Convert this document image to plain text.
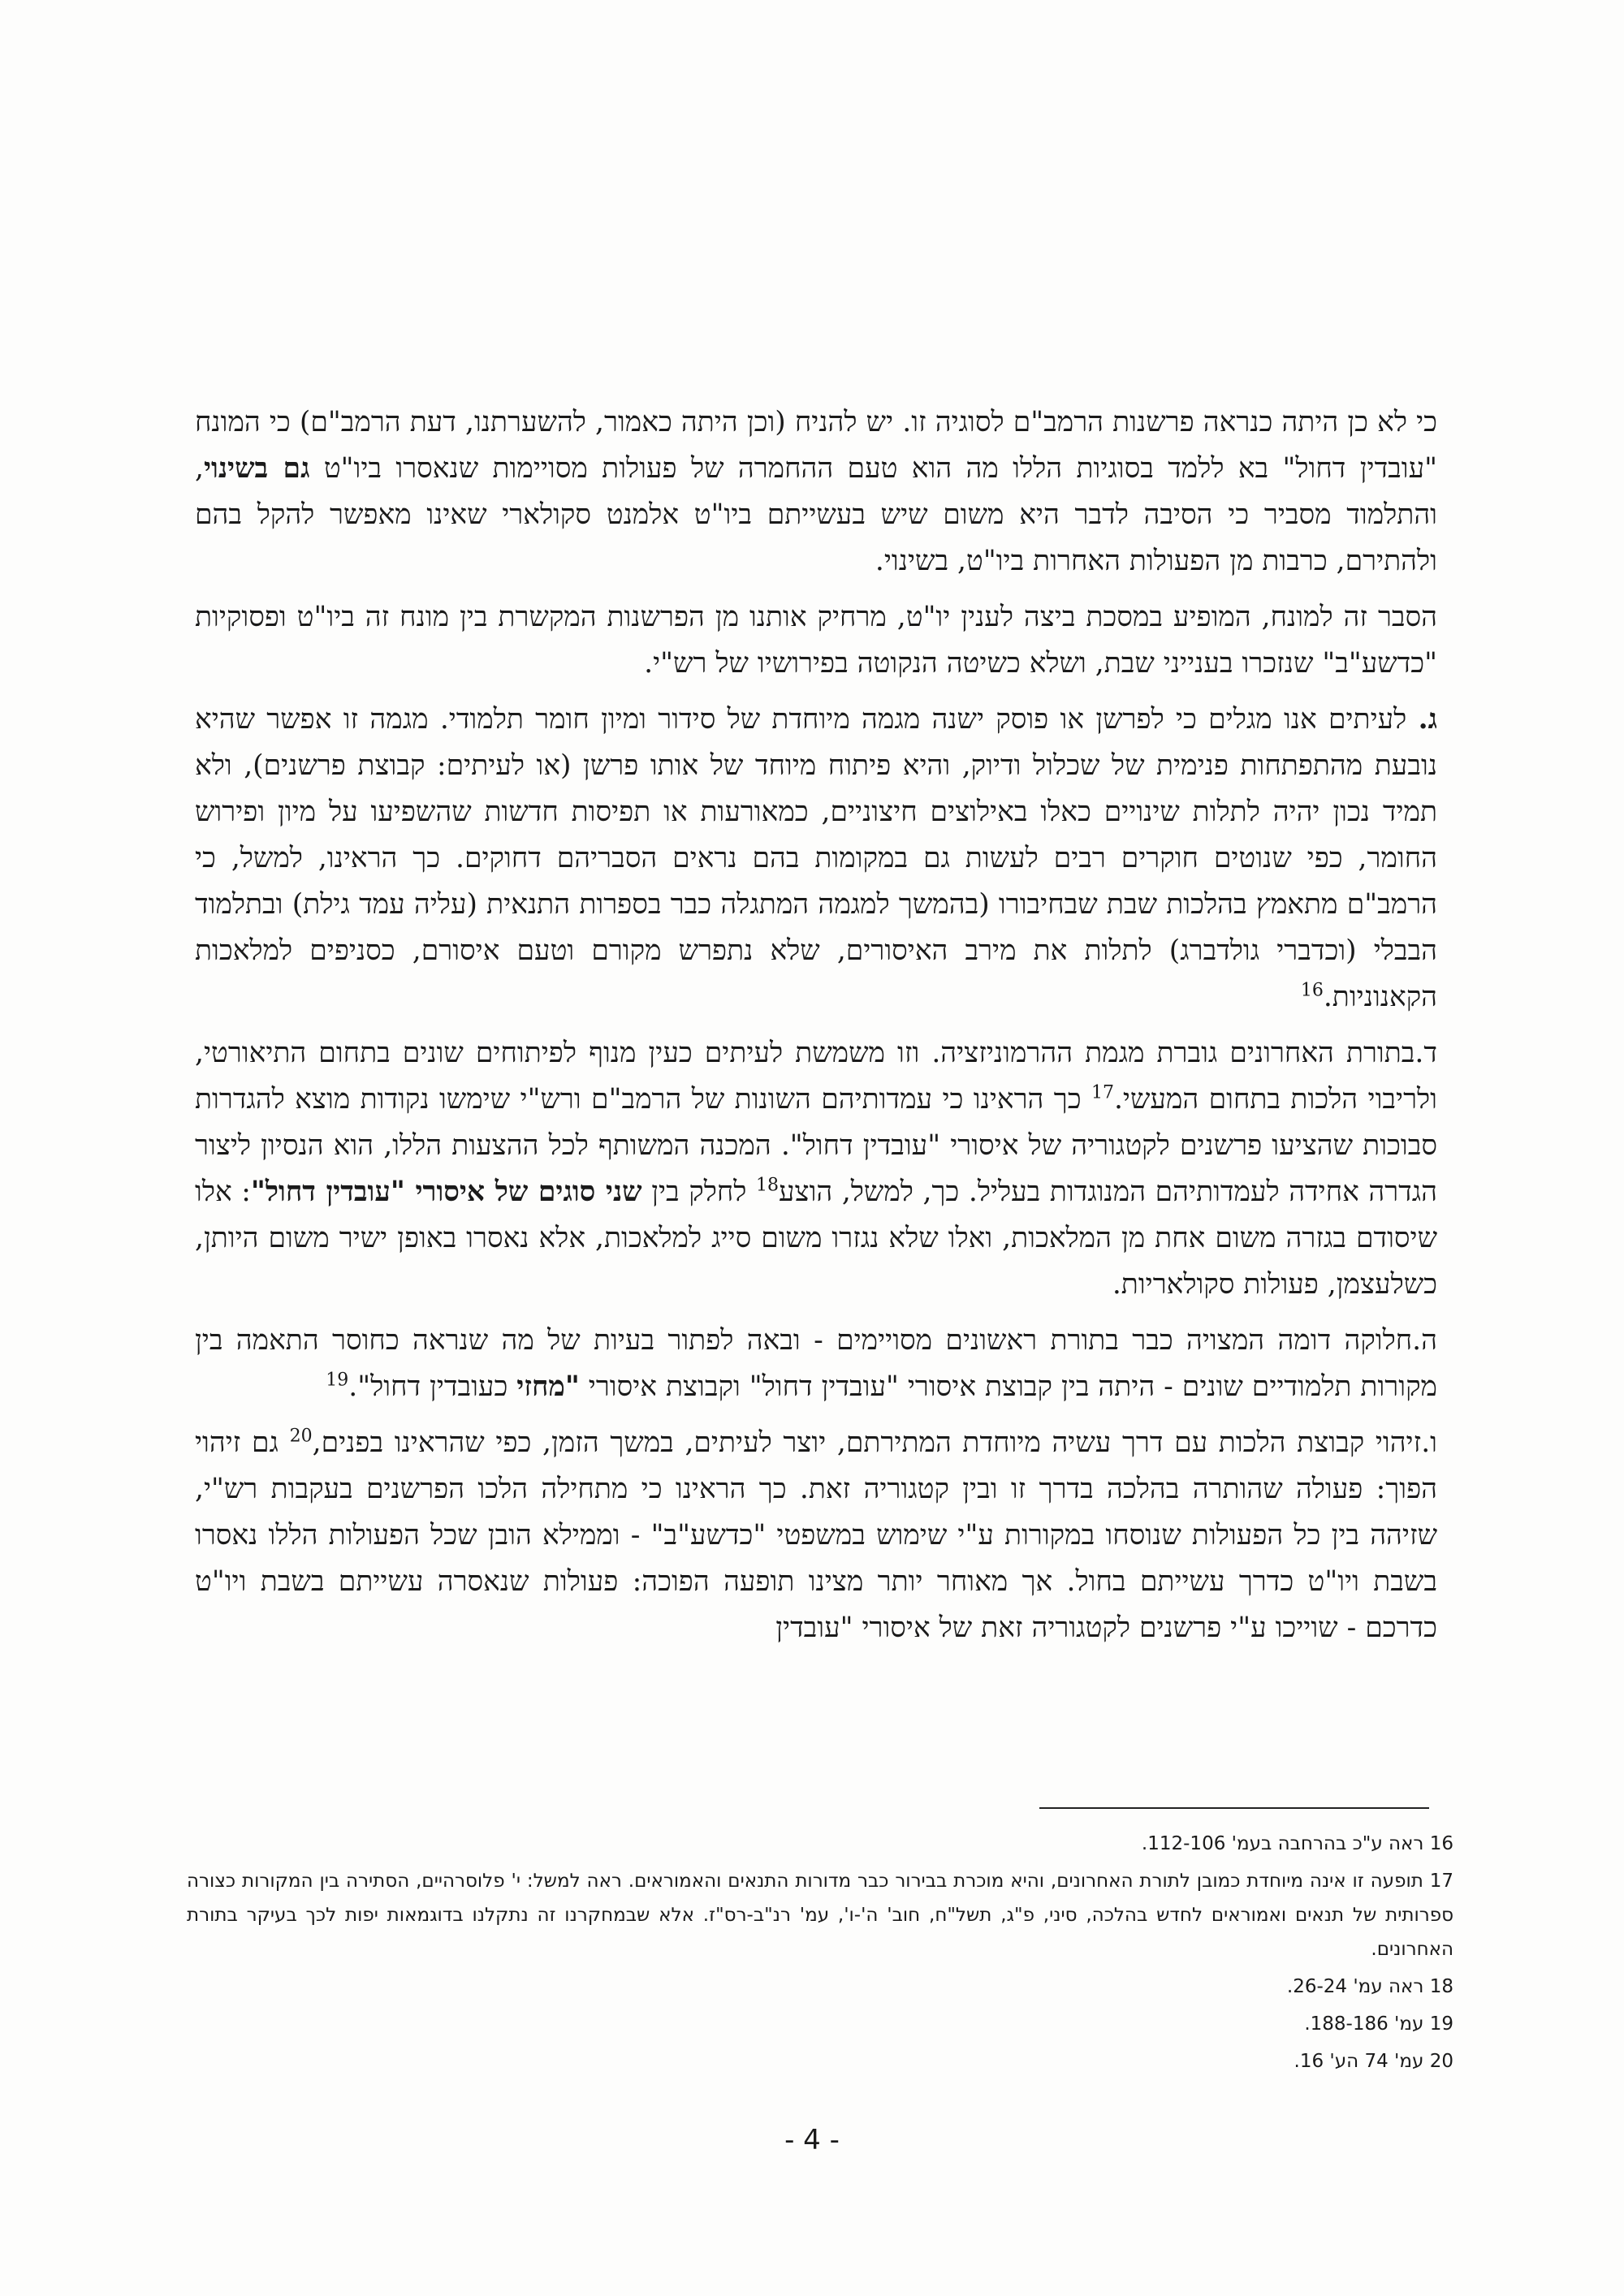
כי לא כן היתה כנראה פרשנות הרמב"ם לסוגיה זו. יש להניח (וכן היתה כאמור, להשערתנו, דעת הרמב"ם) כי המונח "עובדין דחול" בא ללמד בסוגיות הללו מה הוא טעם ההחמרה של פעולות מסויימות שנאסרו ביו"ט גם בשינוי, והתלמוד מסביר כי הסיבה לדבר היא משום שיש בעשייתם ביו"ט אלמנט סקולארי שאינו מאפשר להקל בהם ולהתירם, כרבות מן הפעולות האחרות ביו"ט, בשינוי.

הסבר זה למונח, המופיע במסכת ביצה לענין יו"ט, מרחיק אותנו מן הפרשנות המקשרת בין מונח זה ביו"ט ופסוקיות "כדשע"ב" שנזכרו בענייני שבת, ושלא כשיטה הנקוטה בפירושיו של רש"י.

ג. לעיתים אנו מגלים כי לפרשן או פוסק ישנה מגמה מיוחדת של סידור ומיון חומר תלמודי. מגמה זו אפשר שהיא נובעת מהתפתחות פנימית של שכלול ודיוק, והיא פיתוח מיוחד של אותו פרשן (או לעיתים: קבוצת פרשנים), ולא תמיד נכון יהיה לתלות שינויים כאלו באילוצים חיצוניים, כמאורעות או תפיסות חדשות שהשפיעו על מיון ופירוש החומר, כפי שנוטים חוקרים רבים לעשות גם במקומות בהם נראים הסבריהם דחוקים. כך הראינו, למשל, כי הרמב"ם מתאמץ בהלכות שבת שבחיבורו (בהמשך למגמה המתגלה כבר בספרות התנאית (עליה עמד גילת) ובתלמוד הבבלי (וכדברי גולדברג) לתלות את מירב האיסורים, שלא נתפרש מקורם וטעם איסורם, כסניפים למלאכות הקאנוניות.$^{16}$

ד.בתורת האחרונים גוברת מגמת ההרמוניזציה. וזו משמשת לעיתים כעין מנוף לפיתוחים שונים בתחום התיאורטי, ולריבוי הלכות בתחום המעשי.$^{17}$ כך הראינו כי עמדותיהם השונות של הרמב"ם ורש"י שימשו נקודות מוצא להגדרות סבוכות שהציעו פרשנים לקטגוריה של איסורי "עובדין דחול". המכנה המשותף לכל ההצעות הללו, הוא הנסיון ליצור הגדרה אחידה לעמדותיהם המנוגדות בעליל. כך, למשל, הוצע$^{18}$ לחלק בין שני סוגים של איסורי "עובדין דחול": אלו שיסודם בגזרה משום אחת מן המלאכות, ואלו שלא נגזרו משום סייג למלאכות, אלא נאסרו באופן ישיר משום היותן, כשלעצמן, פעולות סקולאריות.

ה.חלוקה דומה המצויה כבר בתורת ראשונים מסויימים - ובאה לפתור בעיות של מה שנראה כחוסר התאמה בין מקורות תלמודיים שונים - היתה בין קבוצת איסורי "עובדין דחול" וקבוצת איסורי "מחזי כעובדין דחול".$^{19}$

ו.זיהוי קבוצת הלכות עם דרך עשיה מיוחדת המתירתם, יוצר לעיתים, במשך הזמן, כפי שהראינו בפנים,$^{20}$ גם זיהוי הפוך: פעולה שהותרה בהלכה בדרך זו ובין קטגוריה זאת. כך הראינו כי מתחילה הלכו הפרשנים בעקבות רש"י, שזיהה בין כל הפעולות שנוסחו במקורות ע"י שימוש במשפטי "כדשע"ב" - וממילא הובן שכל הפעולות הללו נאסרו בשבת ויו"ט כדרך עשייתם בחול. אך מאוחר יותר מצינו תופעה הפוכה: פעולות שנאסרה עשייתם בשבת ויו"ט כדרכם - שוייכו ע"י פרשנים לקטגוריה זאת של איסורי "עובדין

16 ראה ע"כ בהרחבה בעמ' 112-106.

17 תופעה זו אינה מיוחדת כמובן לתורת האחרונים, והיא מוכרת בבירור כבר מדורות התנאים והאמוראים. ראה למשל: י' פלוסרהיים, הסתירה בין המקורות כצורה ספרותית של תנאים ואמוראים לחדש בהלכה, סיני, פ"ג, תשל"ח, חוב' ה'-ו', עמ' רנ"ב-רס"ז. אלא שבמחקרנו זה נתקלנו בדוגמאות יפות לכך בעיקר בתורת האחרונים.

18 ראה עמ' 26-24.

19 עמ' 188-186.

20 עמ' 74 הע' 16.

- 4 -
